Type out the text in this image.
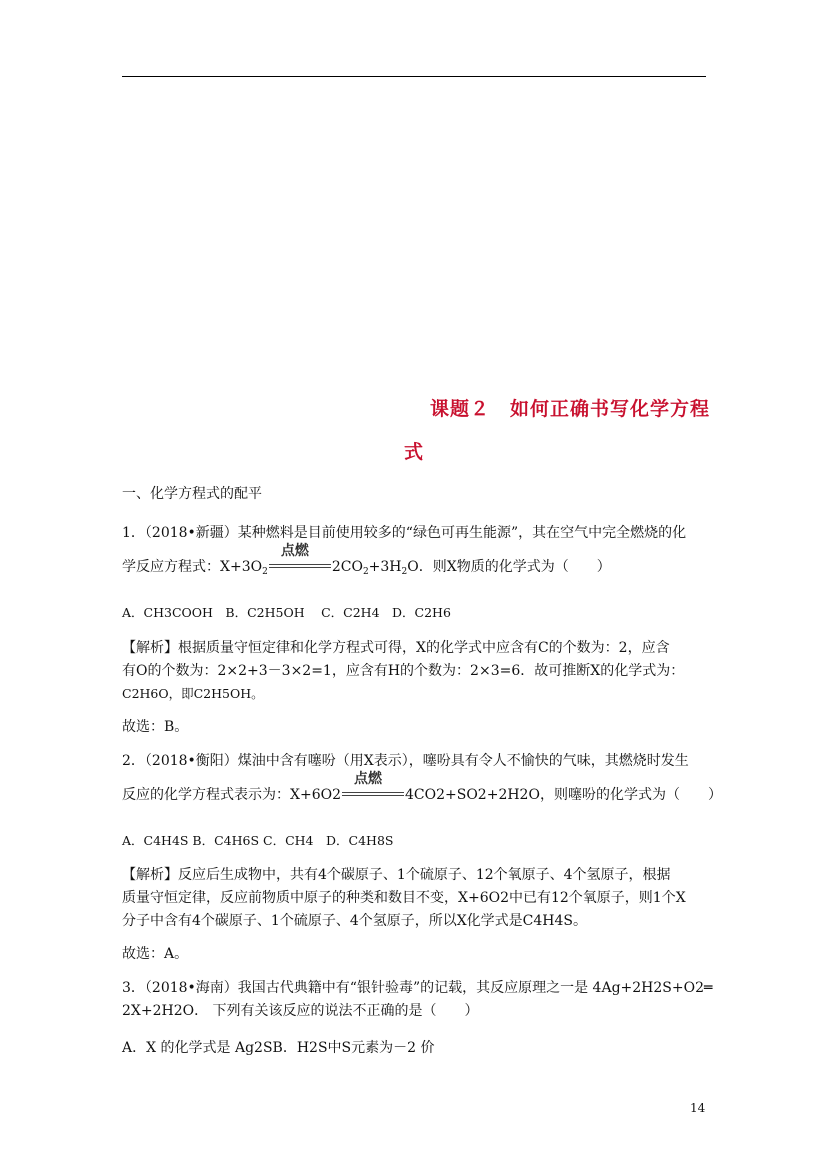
课题２　如何正确书写化学方程
式

一、化学方程式的配平

1．（2018•新疆）某种燃料是目前使用较多的“绿色可再生能源”，其在空气中完全燃烧的化

学反应方程式：$X+3O_2$
点燃
$2CO_2+3H_2O$．则X物质的化学式为（　　）

A．CH3COOH　B．C2H5OH　 C．C2H4　D．C2H6

【解析】根据质量守恒定律和化学方程式可得，X的化学式中应含有C的个数为：2，应含

有O的个数为：2×2+3－3×2=1，应含有H的个数为：2×3=6．故可推断X的化学式为：

C2H6O，即C2H5OH。

故选：B。

2．（2018•衡阳）煤油中含有噻吩（用X表示），噻吩具有令人不愉快的气味，其燃烧时发生

反应的化学方程式表示为：X+6O2
点燃
4CO2+SO2+2H2O，则噻吩的化学式为（　　）

A．C4H4S B．C4H6S C．CH4　D．C4H8S

【解析】反应后生成物中，共有4个碳原子、1个硫原子、12个氧原子、4个氢原子，根据

质量守恒定律，反应前物质中原子的种类和数目不变，X+6O2中已有12个氧原子，则1个X

分子中含有4个碳原子、1个硫原子、4个氢原子，所以X化学式是C4H4S。

故选：A。

3．（2018•海南）我国古代典籍中有“银针验毒”的记载，其反应原理之一是 4Ag+2H2S+O2═

2X+2H2O． 下列有关该反应的说法不正确的是（　　）

A．X 的化学式是 Ag2SB．H2S中S元素为－2 价

14
